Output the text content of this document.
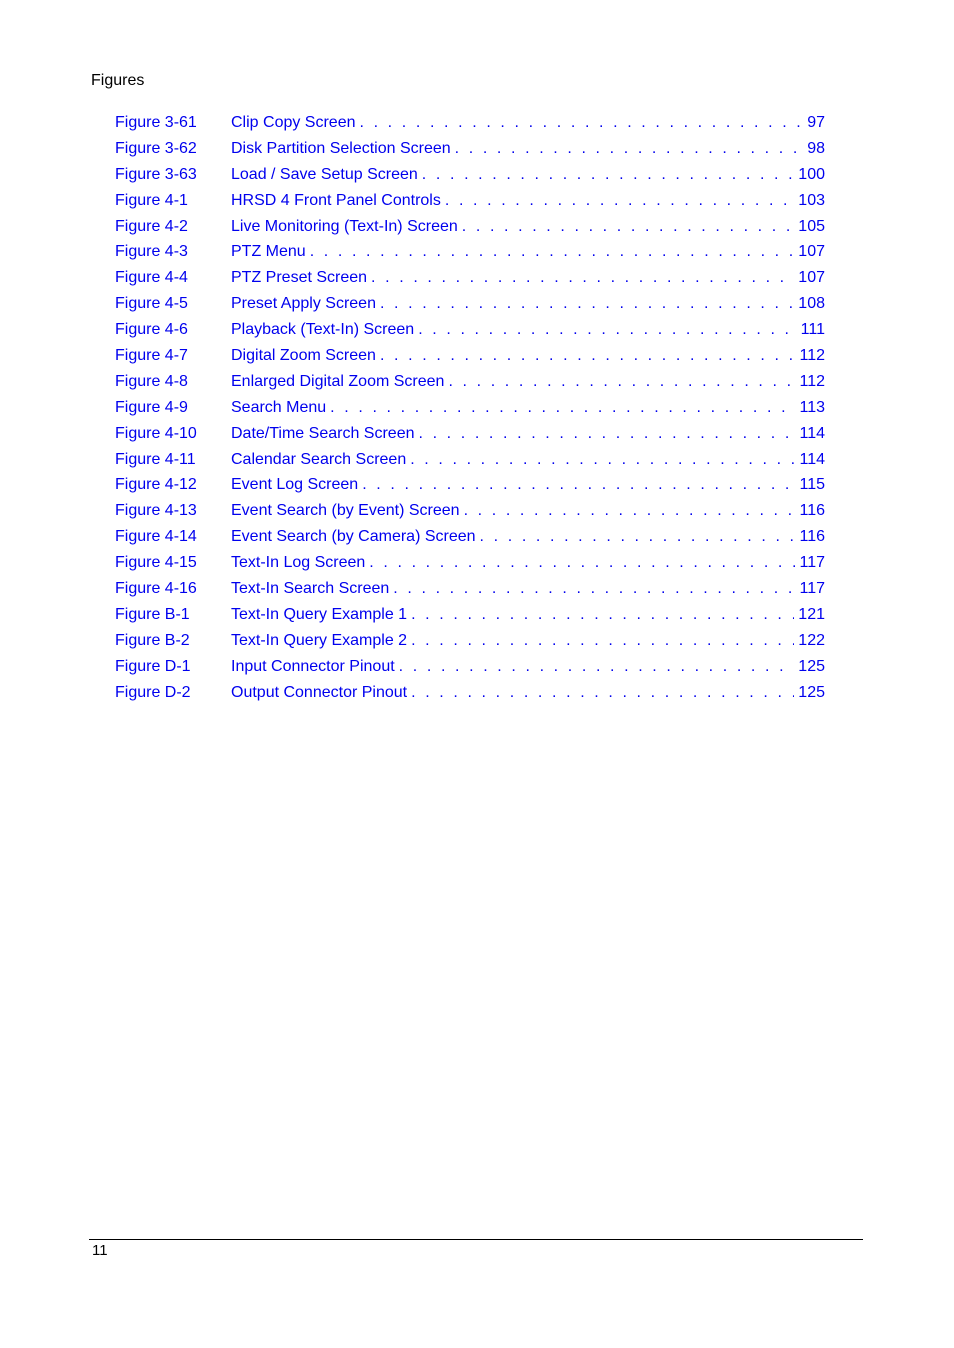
Figures
Figure 3-61	Clip Copy Screen . . .	97
Figure 3-62	Disk Partition Selection Screen . . .	98
Figure 3-63	Load / Save Setup Screen . . .	100
Figure 4-1	HRSD 4 Front Panel Controls . . .	103
Figure 4-2	Live Monitoring (Text-In) Screen . . .	105
Figure 4-3	PTZ Menu . . .	107
Figure 4-4	PTZ Preset Screen . . .	107
Figure 4-5	Preset Apply Screen . . .	108
Figure 4-6	Playback (Text-In) Screen . . .	111
Figure 4-7	Digital Zoom Screen . . .	112
Figure 4-8	Enlarged Digital Zoom Screen . . .	112
Figure 4-9	Search Menu . . .	113
Figure 4-10	Date/Time Search Screen . . .	114
Figure 4-11	Calendar Search Screen . . .	114
Figure 4-12	Event Log Screen . . .	115
Figure 4-13	Event Search (by Event) Screen . . .	116
Figure 4-14	Event Search (by Camera) Screen . . .	116
Figure 4-15	Text-In Log Screen . . .	117
Figure 4-16	Text-In Search Screen . . .	117
Figure B-1	Text-In Query Example 1 . . .	121
Figure B-2	Text-In Query Example 2 . . .	122
Figure D-1	Input Connector Pinout . . .	125
Figure D-2	Output Connector Pinout . . .	125
11
